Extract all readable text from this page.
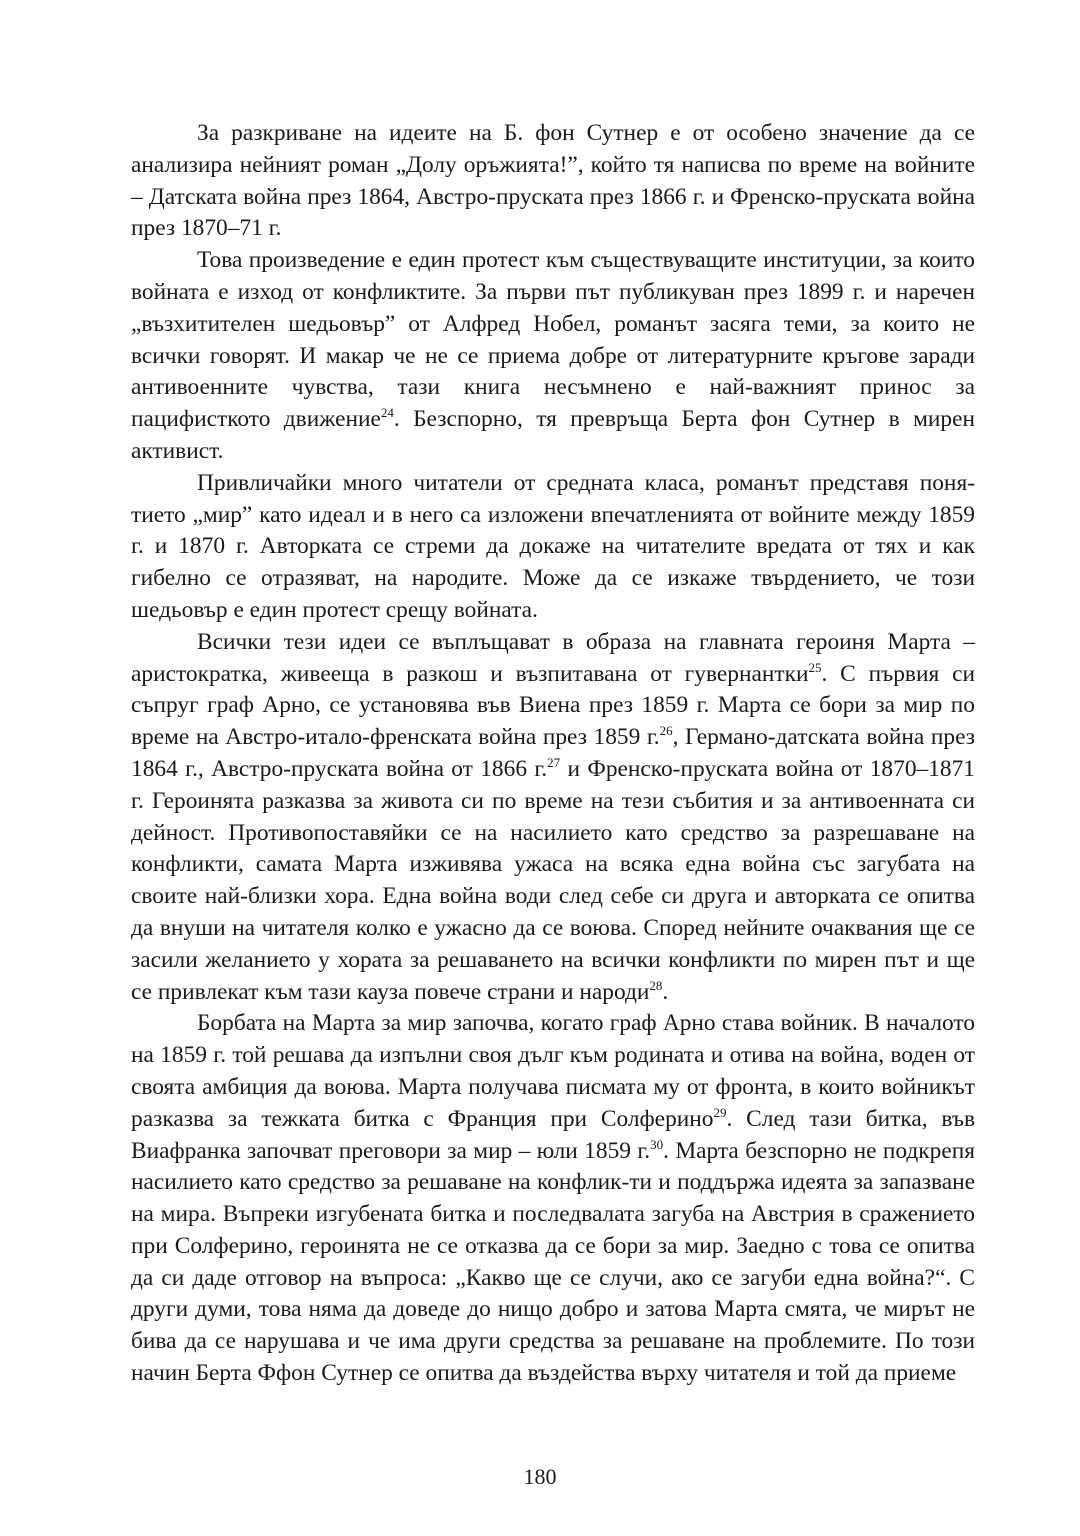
За разкриване на идеите на Б. фон Сутнер е от особено значение да се анализира нейният роман „Долу оръжията!”, който тя написва по време на войните – Датската война през 1864, Австро-пруската през 1866 г. и Френско-пруската война през 1870–71 г.

Това произведение е един протест към съществуващите институции, за които войната е изход от конфликтите. За първи път публикуван през 1899 г. и наречен „възхитителен шедьовър” от Алфред Нобел, романът засяга теми, за които не всички говорят. И макар че не се приема добре от литературните кръгове заради антивоенните чувства, тази книга несъмнено е най-важният принос за пацифисткото движение$^{24}$. Безспорно, тя превръща Берта фон Сутнер в мирен активист.

Привличайки много читатели от средната класа, романът представя поня-тието „мир” като идеал и в него са изложени впечатленията от войните между 1859 г. и 1870 г. Авторката се стреми да докаже на читателите вредата от тях и как гибелно се отразяват, на народите. Може да се изкаже твърдението, че този шедьовър е един протест срещу войната.

Всички тези идеи се въплъщават в образа на главната героиня Марта – аристократка, живееща в разкош и възпитавана от гувернантки$^{25}$. С първия си съпруг граф Арно, се установява във Виена през 1859 г. Марта се бори за мир по време на Австро-итало-френската война през 1859 г.$^{26}$, Германо-датската война през 1864 г., Австро-пруската война от 1866 г.$^{27}$ и Френско-пруската война от 1870–1871 г. Героинята разказва за живота си по време на тези събития и за антивоенната си дейност. Противопоставяйки се на насилието като средство за разрешаване на конфликти, самата Марта изживява ужаса на всяка една война със загубата на своите най-близки хора. Една война води след себе си друга и авторката се опитва да внуши на читателя колко е ужасно да се воюва. Според нейните очаквания ще се засили желанието у хората за решаването на всички конфликти по мирен път и ще се привлекат към тази кауза повече страни и народи$^{28}$.

Борбата на Марта за мир започва, когато граф Арно става войник. В началото на 1859 г. той решава да изпълни своя дълг към родината и отива на война, воден от своята амбиция да воюва. Марта получава писмата му от фронта, в които войникът разказва за тежката битка с Франция при Солферино$^{29}$. След тази битка, във Виафранка започват преговори за мир – юли 1859 г.$^{30}$. Марта безспорно не подкрепя насилието като средство за решаване на конфлик-ти и поддържа идеята за запазване на мира. Въпреки изгубената битка и последвалата загуба на Австрия в сражението при Солферино, героинята не се отказва да се бори за мир. Заедно с това се опитва да си даде отговор на въпроса: „Какво ще се случи, ако се загуби една война?“. С други думи, това няма да доведе до нищо добро и затова Марта смята, че мирът не бива да се нарушава и че има други средства за решаване на проблемите. По този начин Берта Ффон Сутнер се опитва да въздейства върху читателя и той да приеме

180
